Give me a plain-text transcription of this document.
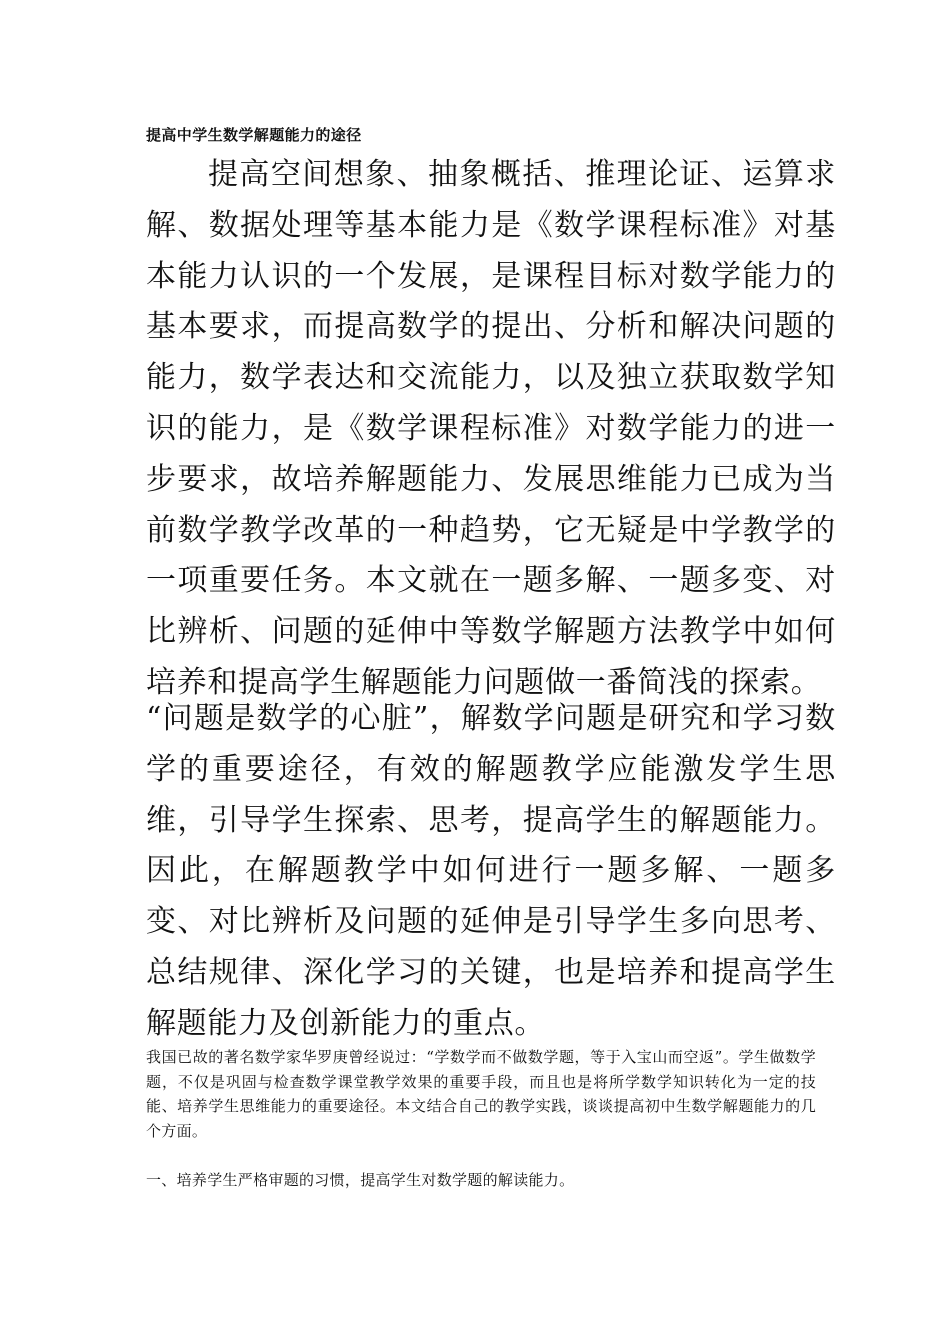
提高中学生数学解题能力的途径

提高空间想象、抽象概括、推理论证、运算求解、数据处理等基本能力是《数学课程标准》对基本能力认识的一个发展，是课程目标对数学能力的基本要求，而提高数学的提出、分析和解决问题的能力，数学表达和交流能力，以及独立获取数学知识的能力，是《数学课程标准》对数学能力的进一步要求，故培养解题能力、发展思维能力已成为当前数学教学改革的一种趋势，它无疑是中学教学的一项重要任务。本文就在一题多解、一题多变、对比辨析、问题的延伸中等数学解题方法教学中如何培养和提高学生解题能力问题做一番简浅的探索。

“问题是数学的心脏”，解数学问题是研究和学习数学的重要途径，有效的解题教学应能激发学生思维，引导学生探索、思考，提高学生的解题能力。因此，在解题教学中如何进行一题多解、一题多变、对比辨析及问题的延伸是引导学生多向思考、总结规律、深化学习的关键，也是培养和提高学生解题能力及创新能力的重点。

我国已故的著名数学家华罗庚曾经说过：“学数学而不做数学题，等于入宝山而空返”。学生做数学题，不仅是巩固与检查数学课堂教学效果的重要手段，而且也是将所学数学知识转化为一定的技能、培养学生思维能力的重要途径。本文结合自己的教学实践，谈谈提高初中生数学解题能力的几个方面。

一、培养学生严格审题的习惯，提高学生对数学题的解读能力。
